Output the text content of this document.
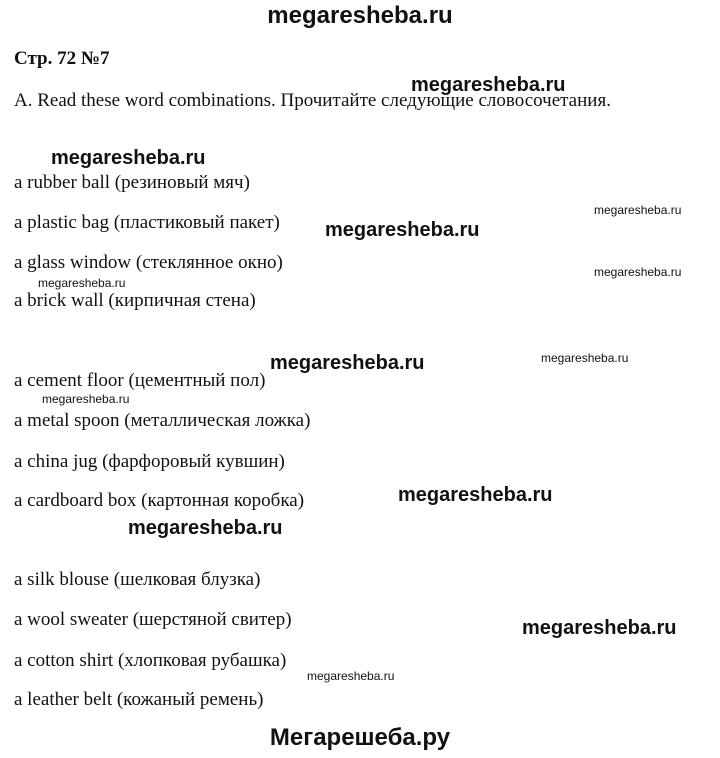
megaresheba.ru
Стр. 72 №7
A. Read these word combinations. Прочитайте следующие словосочетания.
a rubber ball (резиновый мяч)
a plastic bag (пластиковый пакет)
a glass window (стеклянное окно)
a brick wall (кирпичная стена)
a cement floor (цементный пол)
a metal spoon (металлическая ложка)
a china jug (фарфоровый кувшин)
a cardboard box (картонная коробка)
a silk blouse (шелковая блузка)
a wool sweater (шерстяной свитер)
a cotton shirt (хлопковая рубашка)
a leather belt (кожаный ремень)
megaresheba.ru
megaresheba.ru
megaresheba.ru
megaresheba.ru
megaresheba.ru
megaresheba.ru
megaresheba.ru	megaresheba.ru
megaresheba.ru
megaresheba.ru
megaresheba.ru
megaresheba.ru
megaresheba.ru
Мегарешеба.ру
